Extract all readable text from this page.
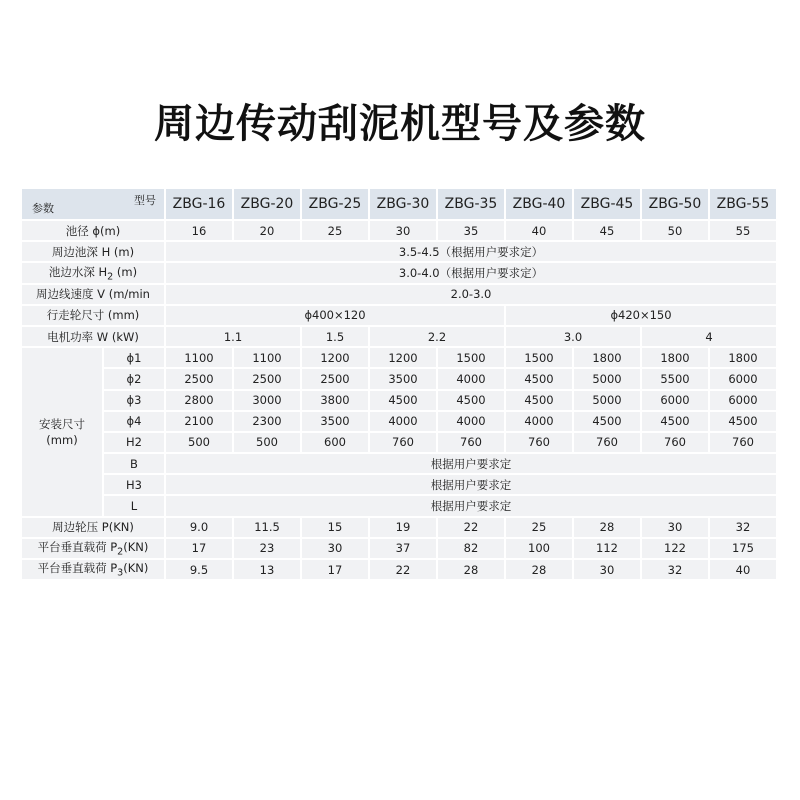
周边传动刮泥机型号及参数
型号
参数		ZBG-16	ZBG-20	ZBG-25	ZBG-30	ZBG-35	ZBG-40	ZBG-45	ZBG-50	ZBG-55
池径 ϕ(m)		16	20	25	30	35	40	45	50	55
周边池深 H (m)		3.5-4.5（根据用户要求定）								
池边水深 $H_2$ (m)		3.0-4.0（根据用户要求定）								
周边线速度 V (m/min		2.0-3.0								
行走轮尺寸 (mm)		ϕ400×120					ϕ420×150			
电机功率 W (kW)		1.1		1.5	2.2		3.0		4	
安装尺寸
(mm)	ϕ1	1100	1100	1200	1200	1500	1500	1800	1800	1800
	ϕ2	2500	2500	2500	3500	4000	4500	5000	5500	6000
	ϕ3	2800	3000	3800	4500	4500	4500	5000	6000	6000
	ϕ4	2100	2300	3500	4000	4000	4000	4500	4500	4500
	H2	500	500	600	760	760	760	760	760	760
	B	根据用户要求定								
	H3	根据用户要求定								
	L	根据用户要求定								
周边轮压 P(KN)		9.0	11.5	15	19	22	25	28	30	32
平台垂直载荷 $P_2(KN)$		17	23	30	37	82	100	112	122	175
平台垂直载荷 $P_3(KN)$		9.5	13	17	22	28	28	30	32	40
